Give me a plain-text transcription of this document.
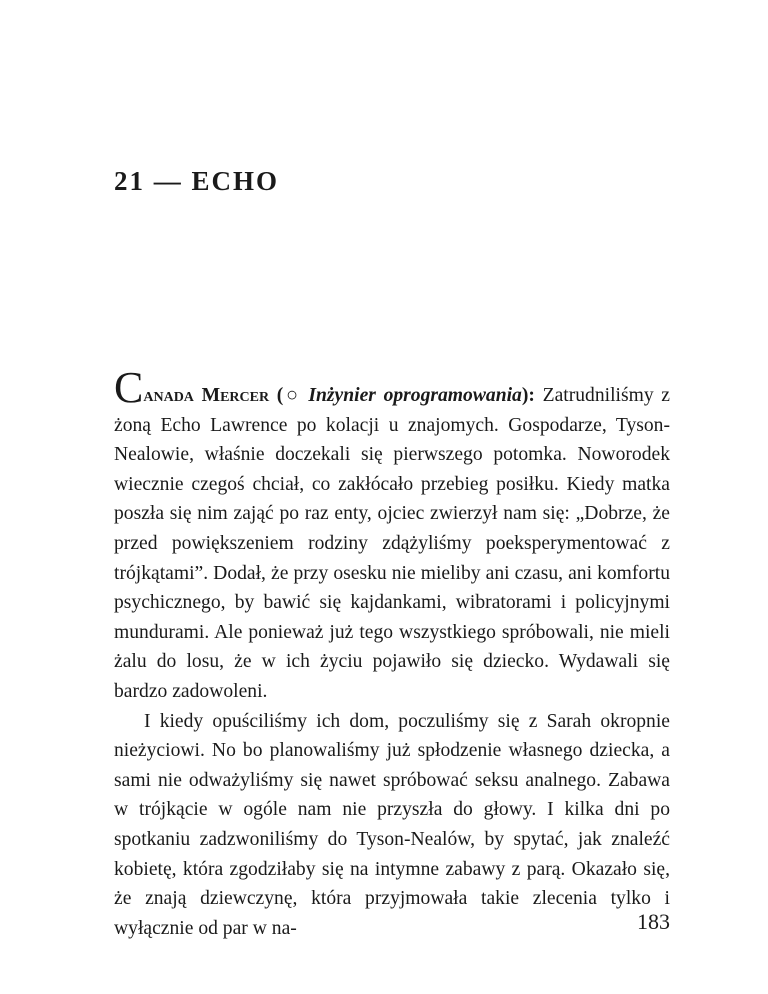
21 — ECHO

Canada Mercer (○ Inżynier oprogramowania): Zatrudniliśmy z żoną Echo Lawrence po kolacji u znajomych. Gospodarze, Tyson-Nealowie, właśnie doczekali się pierwszego potomka. Noworodek wiecznie czegoś chciał, co zakłócało przebieg posiłku. Kiedy matka poszła się nim zająć po raz enty, ojciec zwierzył nam się: „Dobrze, że przed powiększeniem rodziny zdążyliśmy poeksperymentować z trójkątami”. Dodał, że przy osesku nie mieliby ani czasu, ani komfortu psychicznego, by bawić się kajdankami, wibratorami i policyjnymi mundurami. Ale ponieważ już tego wszystkiego spróbowali, nie mieli żalu do losu, że w ich życiu pojawiło się dziecko. Wydawali się bardzo zadowoleni.

I kiedy opuściliśmy ich dom, poczuliśmy się z Sarah okropnie nieżyciowi. No bo planowaliśmy już spłodzenie własnego dziecka, a sami nie odważyliśmy się nawet spróbować seksu analnego. Zabawa w trójkącie w ogóle nam nie przyszła do głowy. I kilka dni po spotkaniu zadzwoniliśmy do Tyson-Nealów, by spytać, jak znaleźć kobietę, która zgodziłaby się na intymne zabawy z parą. Okazało się, że znają dziewczynę, która przyjmowała takie zlecenia tylko i wyłącznie od par w na-	183
